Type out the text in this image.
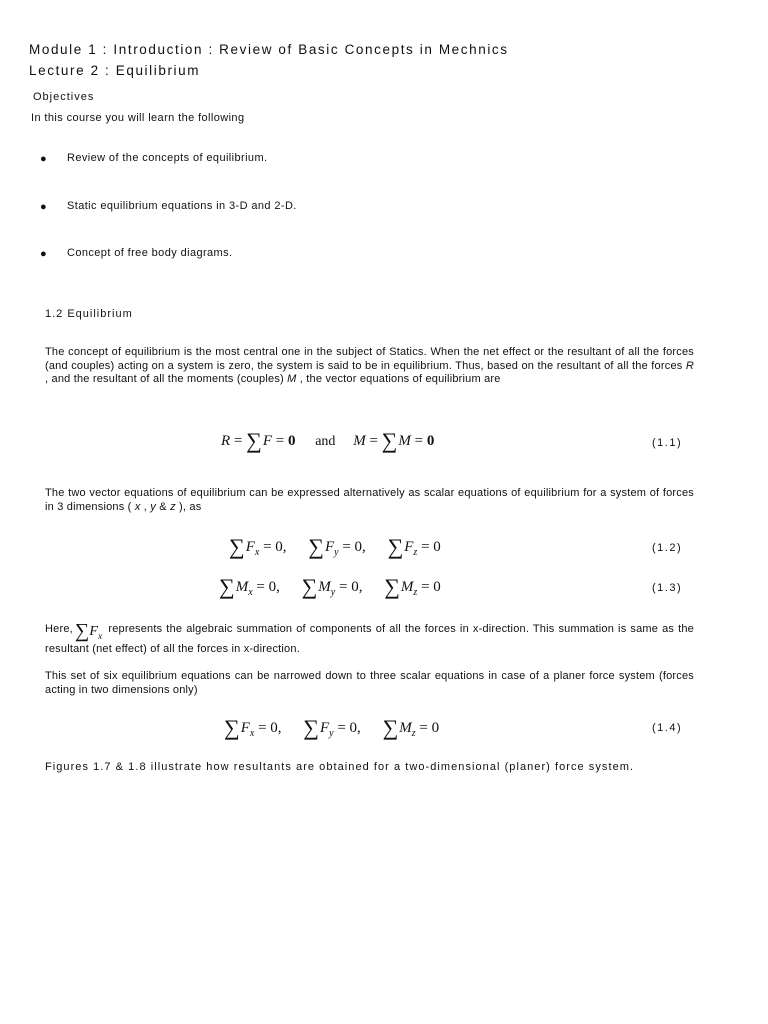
Module 1 : Introduction : Review of Basic Concepts in Mechnics
Lecture 2 : Equilibrium
Objectives
In this course you will learn the following
● Review of the concepts of equilibrium.
● Static equilibrium equations in 3-D and 2-D.
● Concept of free body diagrams.
1.2 Equilibrium
The concept of equilibrium is the most central one in the subject of Statics. When the net effect or the resultant of all the forces (and couples) acting on a system is zero, the system is said to be in equilibrium. Thus, based on the resultant of all the forces R , and the resultant of all the moments (couples) M , the vector equations of equilibrium are
R = ∑F = 0 and M = ∑M = 0	(1.1)
The two vector equations of equilibrium can be expressed alternatively as scalar equations of equilibrium for a system of forces in 3 dimensions ( x , y & z ), as
$\sum F_x = 0$, $\sum F_y = 0$, $\sum F_z = 0$	(1.2)
$\sum M_x = 0$, $\sum M_y = 0$, $\sum M_z = 0$	(1.3)
Here, $\sum F_x$ represents the algebraic summation of components of all the forces in x-direction. This summation is same as the resultant (net effect) of all the forces in x-direction.
This set of six equilibrium equations can be narrowed down to three scalar equations in case of a planer force system (forces acting in two dimensions only)
$\sum F_x = 0$, $\sum F_y = 0$, $\sum M_z = 0$	(1.4)
Figures 1.7 & 1.8 illustrate how resultants are obtained for a two-dimensional (planer) force system.
